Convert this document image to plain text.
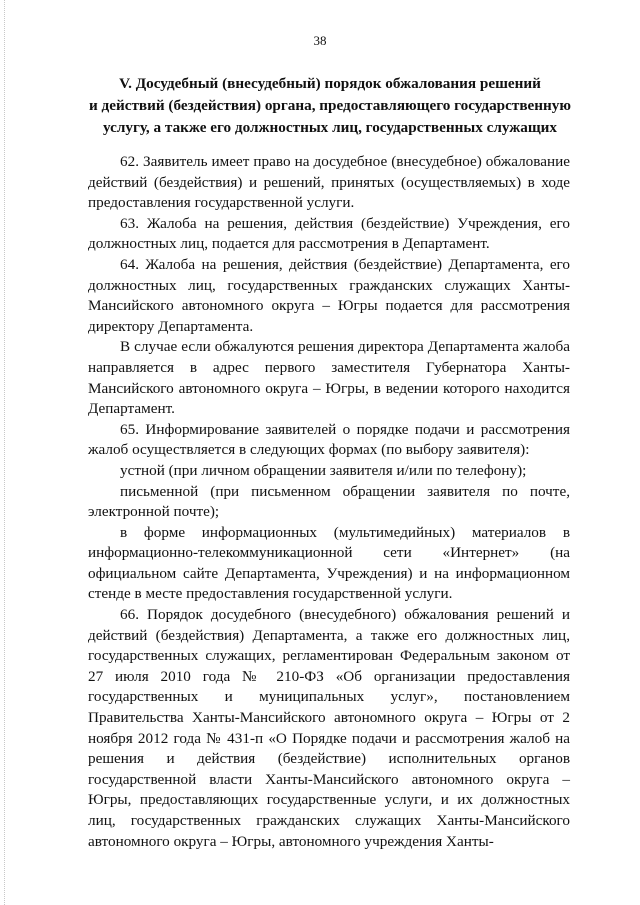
38
V. Досудебный (внесудебный) порядок обжалования решений
и действий (бездействия) органа, предоставляющего государственную
услугу, а также его должностных лиц, государственных служащих

62. Заявитель имеет право на досудебное (внесудебное) обжалование действий (бездействия) и решений, принятых (осуществляемых) в ходе предоставления государственной услуги.

63. Жалоба на решения, действия (бездействие) Учреждения, его должностных лиц, подается для рассмотрения в Департамент.

64. Жалоба на решения, действия (бездействие) Департамента, его должностных лиц, государственных гражданских служащих Ханты-Мансийского автономного округа – Югры подается для рассмотрения директору Департамента.

В случае если обжалуются решения директора Департамента жалоба направляется в адрес первого заместителя Губернатора Ханты-Мансийского автономного округа – Югры, в ведении которого находится Департамент.

65. Информирование заявителей о порядке подачи и рассмотрения жалоб осуществляется в следующих формах (по выбору заявителя):

устной (при личном обращении заявителя и/или по телефону);

письменной (при письменном обращении заявителя по почте, электронной почте);

в форме информационных (мультимедийных) материалов в информационно-телекоммуникационной сети «Интернет» (на официальном сайте Департамента, Учреждения) и на информационном стенде в месте предоставления государственной услуги.

66. Порядок досудебного (внесудебного) обжалования решений и действий (бездействия) Департамента, а также его должностных лиц, государственных служащих, регламентирован Федеральным законом от 27 июля 2010 года № 210-ФЗ «Об организации предоставления государственных и муниципальных услуг», постановлением Правительства Ханты-Мансийского автономного округа – Югры от 2 ноября 2012 года № 431-п «О Порядке подачи и рассмотрения жалоб на решения и действия (бездействие) исполнительных органов государственной власти Ханты-Мансийского автономного округа – Югры, предоставляющих государственные услуги, и их должностных лиц, государственных гражданских служащих Ханты-Мансийского автономного округа – Югры, автономного учреждения Ханты-
